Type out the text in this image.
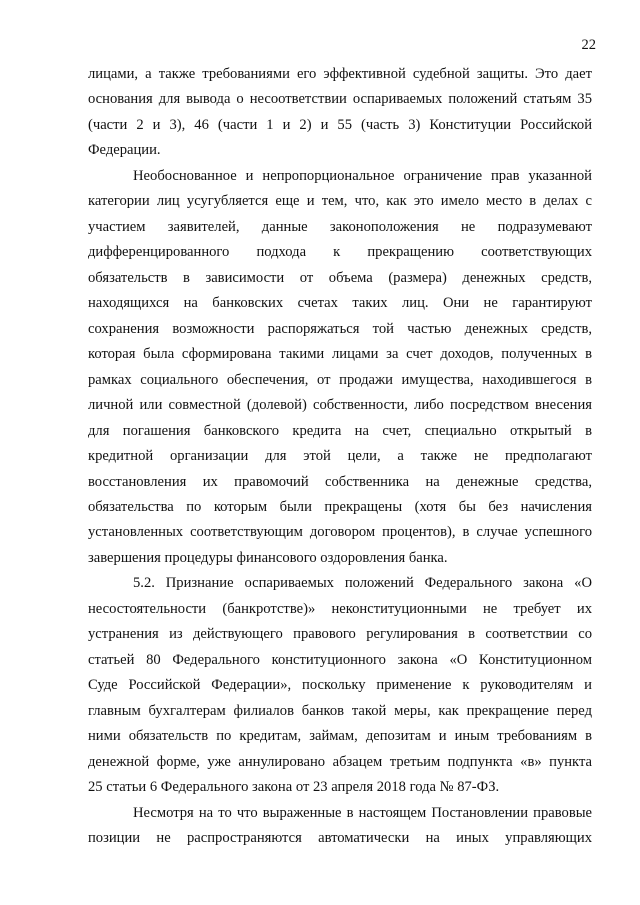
22
лицами, а также требованиями его эффективной судебной защиты. Это дает
основания для вывода о несоответствии оспариваемых положений статьям 35
(части 2 и 3), 46 (части 1 и 2) и 55 (часть 3) Конституции Российской
Федерации.
Необоснованное и непропорциональное ограничение прав указанной
категории лиц усугубляется еще и тем, что, как это имело место в делах с
участием заявителей, данные законоположения не подразумевают
дифференцированного подхода к прекращению соответствующих
обязательств в зависимости от объема (размера) денежных средств,
находящихся на банковских счетах таких лиц. Они не гарантируют
сохранения возможности распоряжаться той частью денежных средств,
которая была сформирована такими лицами за счет доходов, полученных в
рамках социального обеспечения, от продажи имущества, находившегося в
личной или совместной (долевой) собственности, либо посредством внесения
для погашения банковского кредита на счет, специально открытый в
кредитной организации для этой цели, а также не предполагают
восстановления их правомочий собственника на денежные средства,
обязательства по которым были прекращены (хотя бы без начисления
установленных соответствующим договором процентов), в случае успешного
завершения процедуры финансового оздоровления банка.
5.2. Признание оспариваемых положений Федерального закона «О
несостоятельности (банкротстве)» неконституционными не требует их
устранения из действующего правового регулирования в соответствии со
статьей 80 Федерального конституционного закона «О Конституционном
Суде Российской Федерации», поскольку применение к руководителям и
главным бухгалтерам филиалов банков такой меры, как прекращение перед
ними обязательств по кредитам, займам, депозитам и иным требованиям в
денежной форме, уже аннулировано абзацем третьим подпункта «в» пункта
25 статьи 6 Федерального закона от 23 апреля 2018 года № 87-ФЗ.
Несмотря на то что выраженные в настоящем Постановлении правовые
позиции не распространяются автоматически на иных управляющих
